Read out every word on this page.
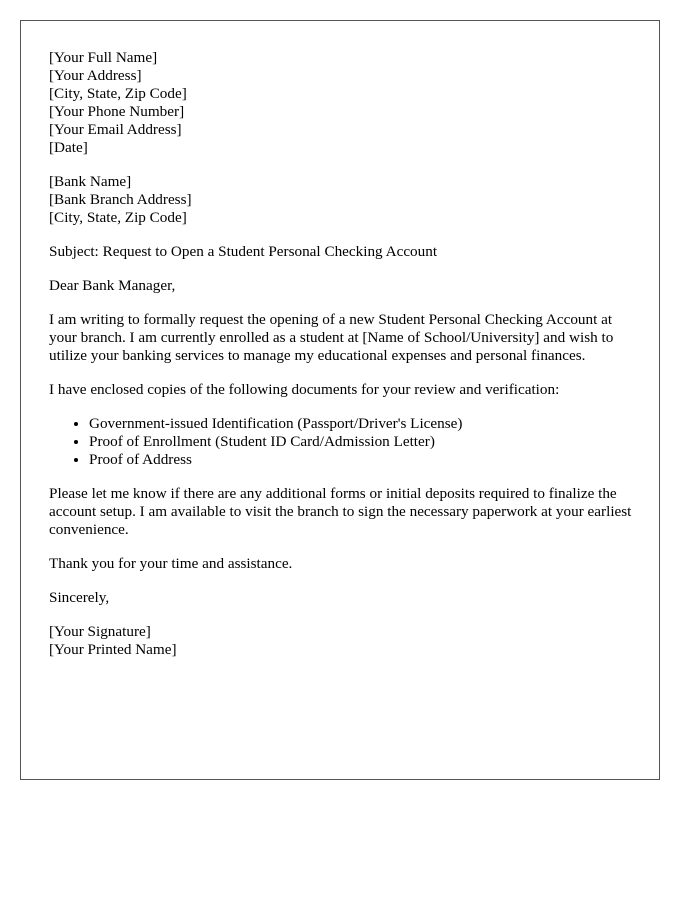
[Your Full Name]
[Your Address]
[City, State, Zip Code]
[Your Phone Number]
[Your Email Address]
[Date]
[Bank Name]
[Bank Branch Address]
[City, State, Zip Code]

Subject: Request to Open a Student Personal Checking Account

Dear Bank Manager,

I am writing to formally request the opening of a new Student Personal Checking Account at your branch. I am currently enrolled as a student at [Name of School/University] and wish to utilize your banking services to manage my educational expenses and personal finances.

I have enclosed copies of the following documents for your review and verification:

• Government-issued Identification (Passport/Driver's License)
• Proof of Enrollment (Student ID Card/Admission Letter)
• Proof of Address

Please let me know if there are any additional forms or initial deposits required to finalize the account setup. I am available to visit the branch to sign the necessary paperwork at your earliest convenience.

Thank you for your time and assistance.

Sincerely,

[Your Signature]
[Your Printed Name]
